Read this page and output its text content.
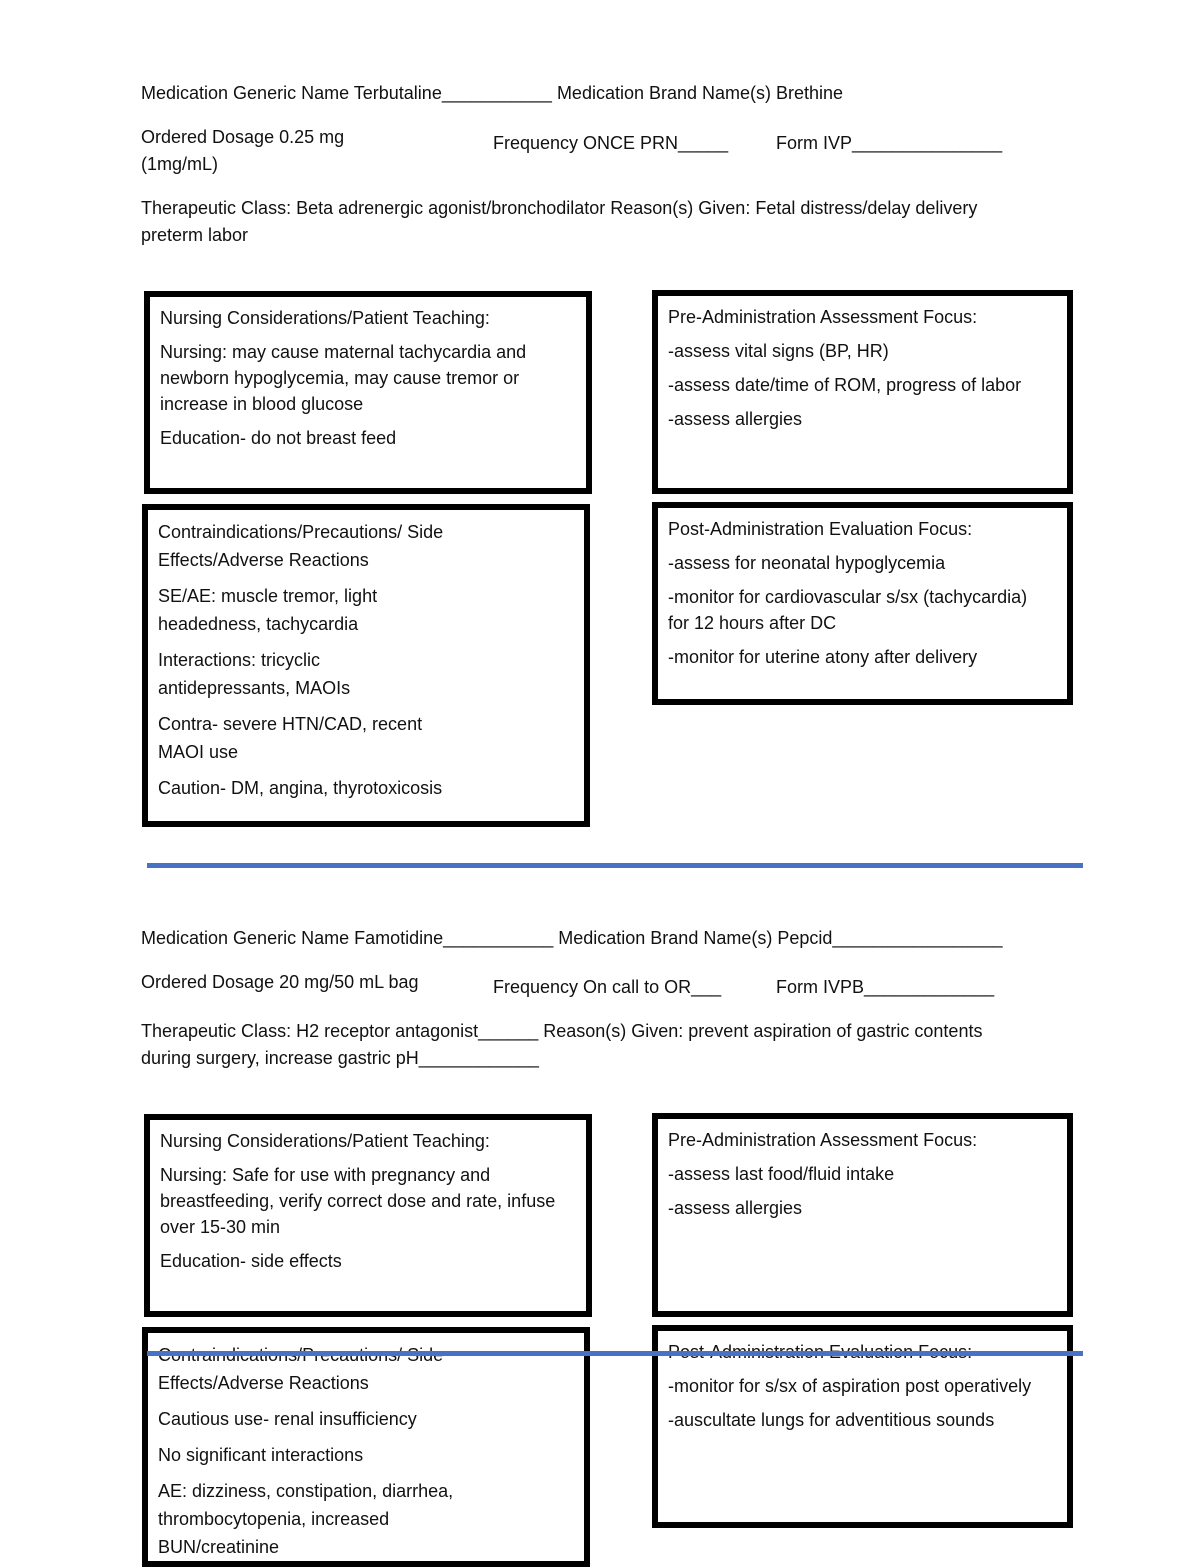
Medication Generic Name Terbutaline___________ Medication Brand Name(s) Brethine
Ordered Dosage 0.25 mg
(1mg/mL)
Frequency ONCE PRN_____	Form IVP_______________
Therapeutic Class: Beta adrenergic agonist/bronchodilator Reason(s) Given: Fetal distress/delay delivery
preterm labor
Nursing Considerations/Patient Teaching:
Nursing: may cause maternal tachycardia and
newborn hypoglycemia, may cause tremor or
increase in blood glucose
Education- do not breast feed
Pre-Administration Assessment Focus:
-assess vital signs (BP, HR)
-assess date/time of ROM, progress of labor
-assess allergies
Contraindications/Precautions/ Side
Effects/Adverse Reactions
SE/AE: muscle tremor, light
headedness, tachycardia
Interactions: tricyclic
antidepressants, MAOIs
Contra- severe HTN/CAD, recent
MAOI use
Caution- DM, angina, thyrotoxicosis
Post-Administration Evaluation Focus:
-assess for neonatal hypoglycemia
-monitor for cardiovascular s/sx (tachycardia)
for 12 hours after DC
-monitor for uterine atony after delivery
Medication Generic Name Famotidine___________ Medication Brand Name(s) Pepcid_________________
Ordered Dosage 20 mg/50 mL bag	Frequency On call to OR___	Form IVPB_____________
Therapeutic Class: H2 receptor antagonist______ Reason(s) Given: prevent aspiration of gastric contents
during surgery, increase gastric pH____________
Nursing Considerations/Patient Teaching:
Nursing: Safe for use with pregnancy and
breastfeeding, verify correct dose and rate, infuse
over 15-30 min
Education- side effects
Pre-Administration Assessment Focus:
-assess last food/fluid intake
-assess allergies
Effects/Adverse Reactions
Cautious use- renal insufficiency
No significant interactions
AE: dizziness, constipation, diarrhea,
thrombocytopenia, increased
BUN/creatinine
-monitor for s/sx of aspiration post operatively
-auscultate lungs for adventitious sounds
